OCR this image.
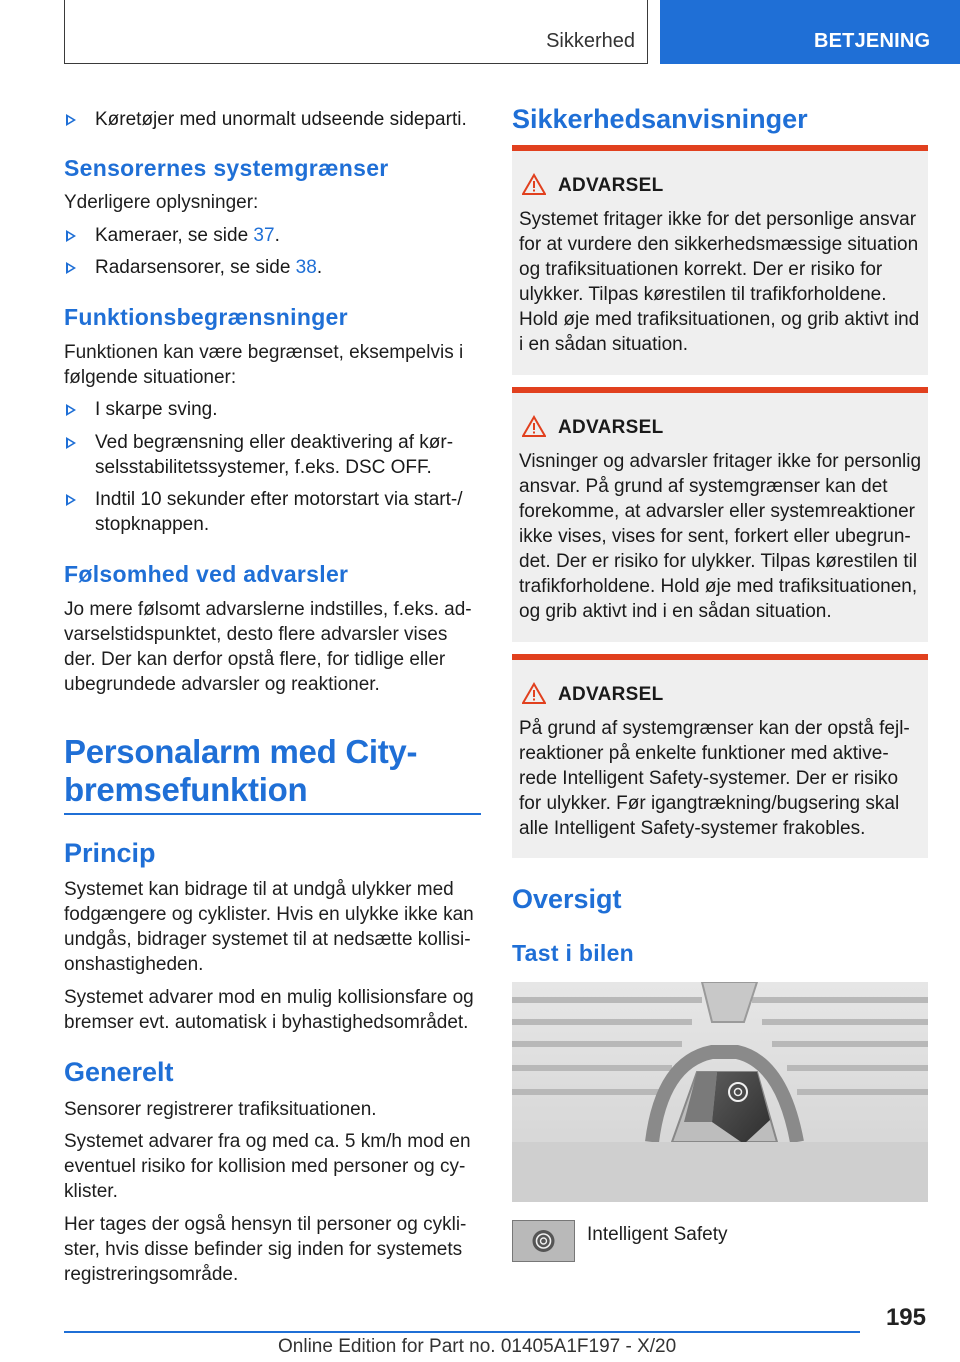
Sikkerhed	BETJENING
Køretøjer med unormalt udseende sideparti.
Sensorernes systemgrænser
Yderligere oplysninger:
Kameraer, se side 37.
Radarsensorer, se side 38.
Funktionsbegrænsninger
Funktionen kan være begrænset, eksempelvis i
følgende situationer:
I skarpe sving.
Ved begrænsning eller deaktivering af kør-
selsstabilitetssystemer, f.eks. DSC OFF.
Indtil 10 sekunder efter motorstart via start-/
stopknappen.
Følsomhed ved advarsler
Jo mere følsomt advarslerne indstilles, f.eks. ad-
varselstidspunktet, desto flere advarsler vises
der. Der kan derfor opstå flere, for tidlige eller
ubegrundede advarsler og reaktioner.
Personalarm med City-
bremsefunktion
Princip
Systemet kan bidrage til at undgå ulykker med
fodgængere og cyklister. Hvis en ulykke ikke kan
undgås, bidrager systemet til at nedsætte kollisi-
onshastigheden.
Systemet advarer mod en mulig kollisionsfare og
bremser evt. automatisk i byhastighedsområdet.
Generelt
Sensorer registrerer trafiksituationen.
Systemet advarer fra og med ca. 5 km/h mod en
eventuel risiko for kollision med personer og cy-
klister.
Her tages der også hensyn til personer og cykli-
ster, hvis disse befinder sig inden for systemets
registreringsområde.
Sikkerhedsanvisninger
ADVARSEL
Systemet fritager ikke for det personlige ansvar
for at vurdere den sikkerhedsmæssige situation
og trafiksituationen korrekt. Der er risiko for
ulykker. Tilpas kørestilen til trafikforholdene.
Hold øje med trafiksituationen, og grib aktivt ind
i en sådan situation.
ADVARSEL
Visninger og advarsler fritager ikke for personlig
ansvar. På grund af systemgrænser kan det
forekomme, at advarsler eller systemreaktioner
ikke vises, vises for sent, forkert eller ubegrun-
det. Der er risiko for ulykker. Tilpas kørestilen til
trafikforholdene. Hold øje med trafiksituationen,
og grib aktivt ind i en sådan situation.
ADVARSEL
På grund af systemgrænser kan der opstå fejl-
reaktioner på enkelte funktioner med aktive-
rede Intelligent Safety-systemer. Der er risiko
for ulykker. Før igangtrækning/bugsering skal
alle Intelligent Safety-systemer frakobles.
Oversigt
Tast i bilen
Intelligent Safety
195
Online Edition for Part no. 01405A1F197 - X/20
